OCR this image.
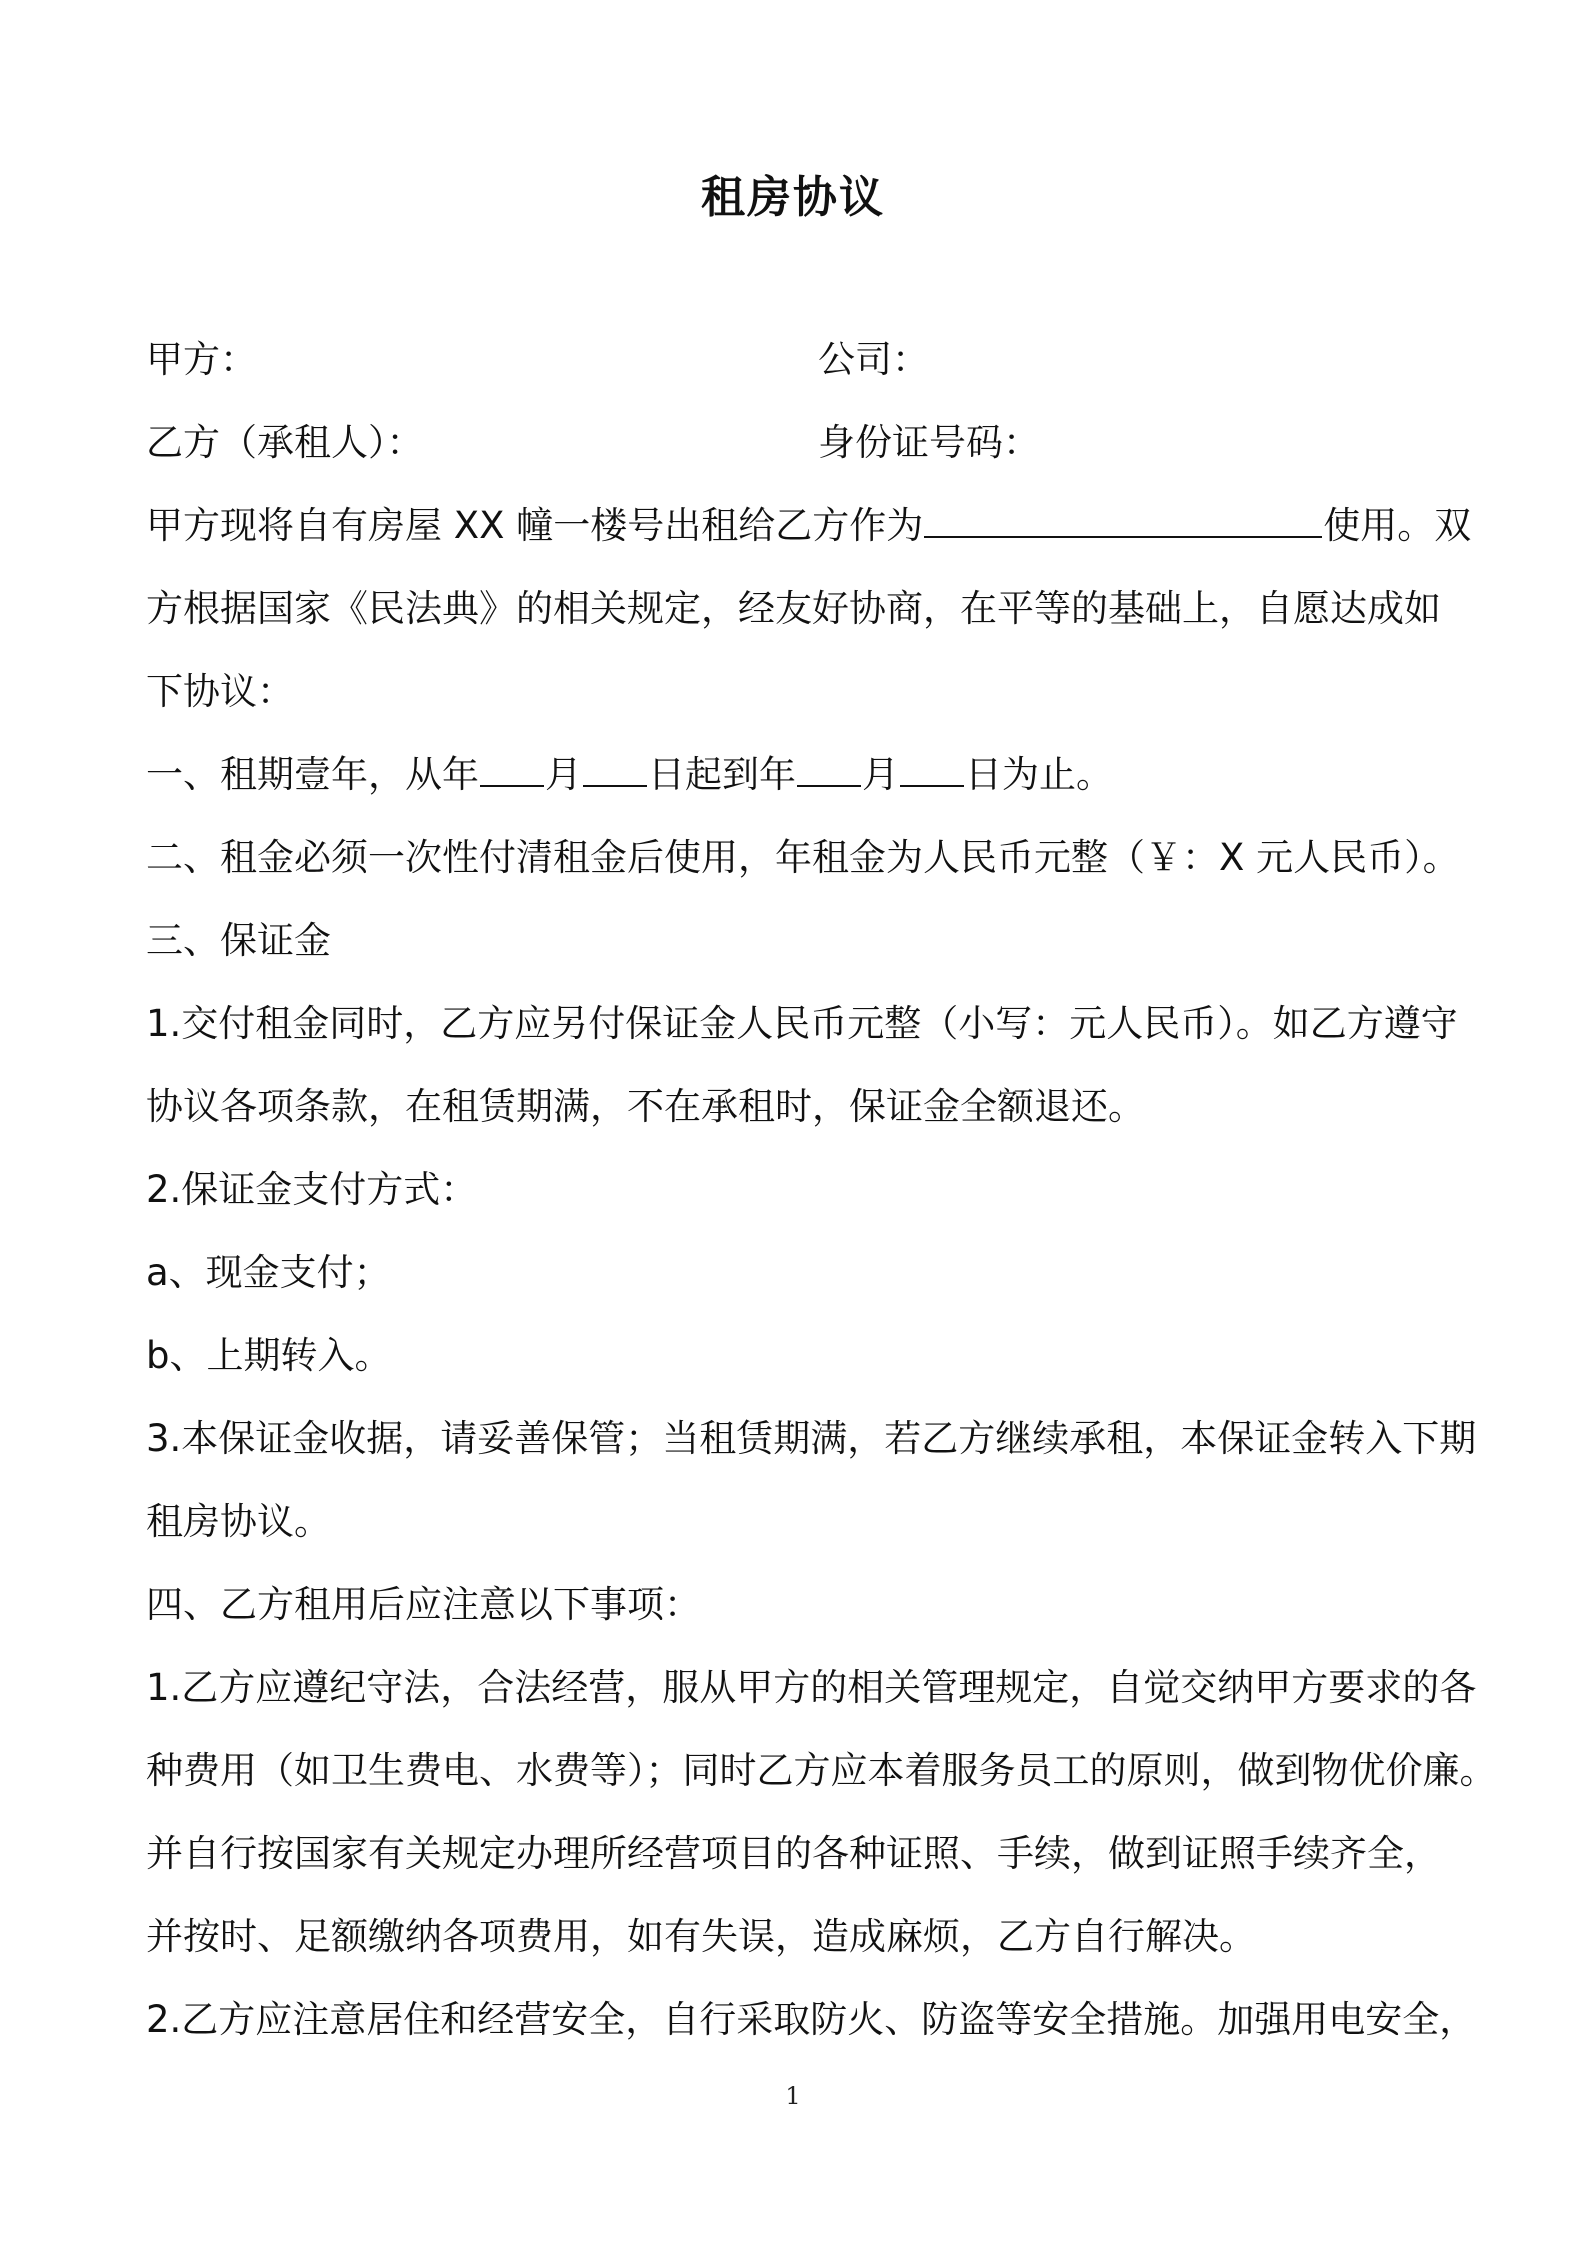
租房协议
甲方：	公司：
乙方（承租人）：	身份证号码：
甲方现将自有房屋 XX 幢一楼号出租给乙方作为	使用。双
方根据国家《民法典》的相关规定，经友好协商，在平等的基础上，自愿达成如
下协议：
一、租期壹年，从年 月 日起到年 月 日为止。
二、租金必须一次性付清租金后使用，年租金为人民币元整（￥：X 元人民币）。
三、保证金
1.交付租金同时，乙方应另付保证金人民币元整（小写：元人民币）。如乙方遵守
协议各项条款，在租赁期满，不在承租时，保证金全额退还。
2.保证金支付方式：
a、现金支付；
b、上期转入。
3.本保证金收据，请妥善保管；当租赁期满，若乙方继续承租，本保证金转入下期
租房协议。
四、乙方租用后应注意以下事项：
1.乙方应遵纪守法，合法经营，服从甲方的相关管理规定，自觉交纳甲方要求的各
种费用（如卫生费电、水费等）；同时乙方应本着服务员工的原则，做到物优价廉。
并自行按国家有关规定办理所经营项目的各种证照、手续，做到证照手续齐全，
并按时、足额缴纳各项费用，如有失误，造成麻烦，乙方自行解决。
2.乙方应注意居住和经营安全，自行采取防火、防盗等安全措施。加强用电安全，
1
